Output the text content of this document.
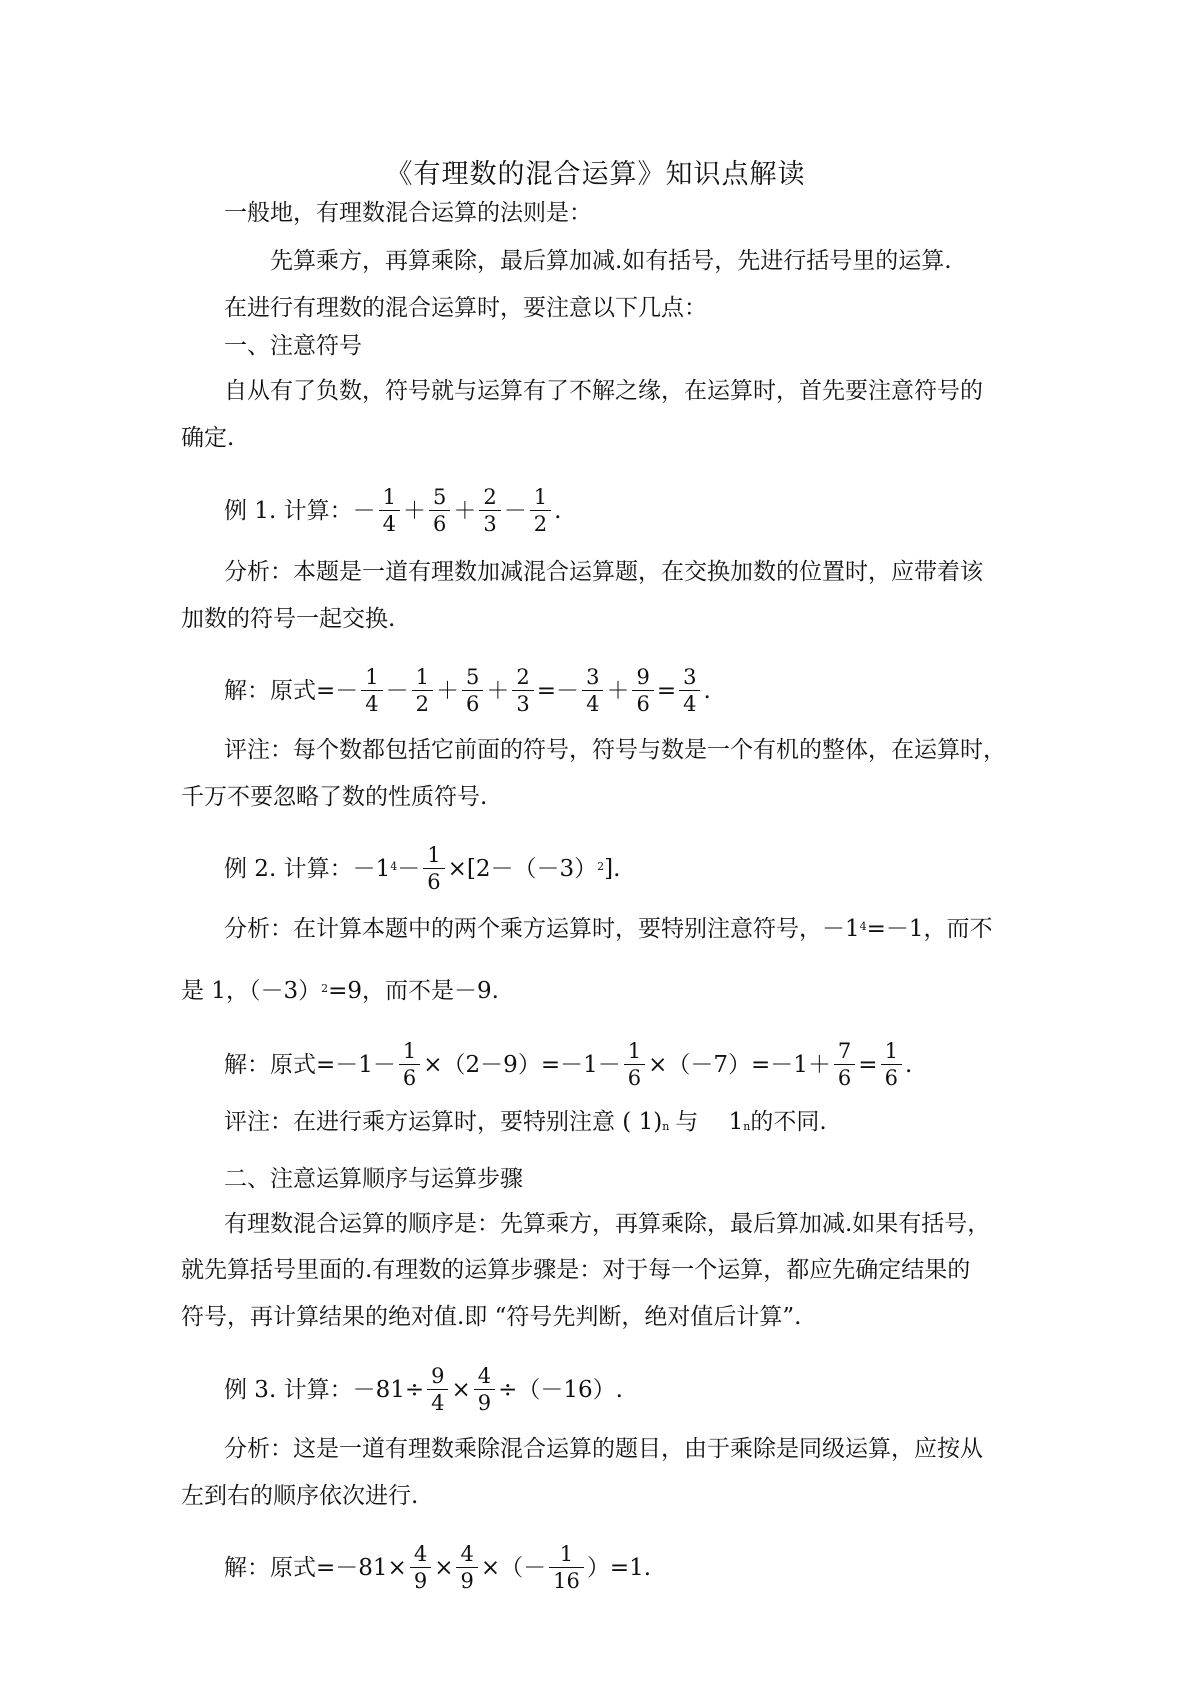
《有理数的混合运算》知识点解读
一般地，有理数混合运算的法则是：
先算乘方，再算乘除，最后算加减.如有括号，先进行括号里的运算.
在进行有理数的混合运算时，要注意以下几点：
一、注意符号
自从有了负数，符号就与运算有了不解之缘，在运算时，首先要注意符号的
确定.
例 1. 计算： － $\frac{1}{4} + \frac{5}{6} + \frac{2}{3} - \frac{1}{2}$ .
分析：本题是一道有理数加减混合运算题，在交换加数的位置时，应带着该
加数的符号一起交换.
解：原式=－ $\frac{1}{4} - \frac{1}{2} + \frac{5}{6} + \frac{2}{3} =- \frac{3}{4} + \frac{9}{6} = \frac{3}{4}$ .
评注：每个数都包括它前面的符号，符号与数是一个有机的整体，在运算时，
千万不要忽略了数的性质符号.
例 2. 计算：－1 $4 - \frac{1}{6} \times[2-(-3)$ 2 ].
分析：在计算本题中的两个乘方运算时，要特别注意符号，－1 4 =－1，而不
是 1，（－3） 2 =9，而不是－9.
解：原式$=-1- \frac{1}{6} \times(2-9)=-1- \frac{1}{6} \times(-7)=-1+ \frac{7}{6} = \frac{1}{6}$ .
评注：在进行乘方运算时，要特别注意 ( 1) n 与 　1 n 的不同.
二、注意运算顺序与运算步骤
有理数混合运算的顺序是：先算乘方，再算乘除，最后算加减.如果有括号，
就先算括号里面的.有理数的运算步骤是：对于每一个运算，都应先确定结果的
符号，再计算结果的绝对值.即 “符号先判断，绝对值后计算”.
例 3. 计算：$-81\div \frac{9}{4} \times \frac{4}{9} \div(-16)$.
分析：这是一道有理数乘除混合运算的题目，由于乘除是同级运算，应按从
左到右的顺序依次进行.
解：原式$=-81\times \frac{4}{9} \times \frac{4}{9}$ ×（－ $\frac{1}{16} )=1$.
